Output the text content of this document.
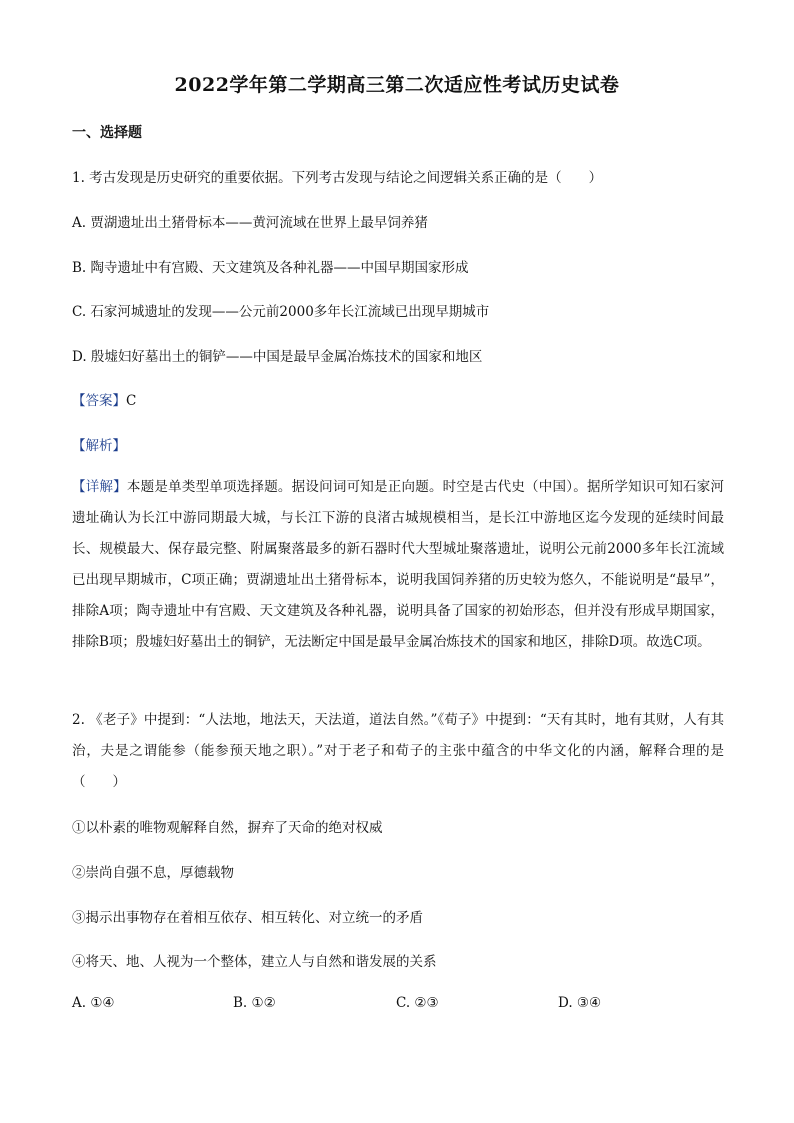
2022学年第二学期高三第二次适应性考试历史试卷
一、选择题
1. 考古发现是历史研究的重要依据。下列考古发现与结论之间逻辑关系正确的是（　　）
A. 贾湖遗址出土猪骨标本——黄河流域在世界上最早饲养猪
B. 陶寺遗址中有宫殿、天文建筑及各种礼器——中国早期国家形成
C. 石家河城遗址的发现——公元前2000多年长江流域已出现早期城市
D. 殷墟妇好墓出土的铜铲——中国是最早金属冶炼技术的国家和地区
【答案】C
【解析】
【详解】本题是单类型单项选择题。据设问词可知是正向题。时空是古代史（中国）。据所学知识可知石家河遗址确认为长江中游同期最大城，与长江下游的良渚古城规模相当，是长江中游地区迄今发现的延续时间最长、规模最大、保存最完整、附属聚落最多的新石器时代大型城址聚落遗址，说明公元前2000多年长江流域已出现早期城市，C项正确；贾湖遗址出土猪骨标本，说明我国饲养猪的历史较为悠久，不能说明是“最早”，排除A项；陶寺遗址中有宫殿、天文建筑及各种礼器，说明具备了国家的初始形态，但并没有形成早期国家，排除B项；殷墟妇好墓出土的铜铲，无法断定中国是最早金属冶炼技术的国家和地区，排除D项。故选C项。
2. 《老子》中提到：“人法地，地法天，天法道，道法自然。”《荀子》中提到：“天有其时，地有其财，人有其治，夫是之谓能参（能参预天地之职）。”对于老子和荀子的主张中蕴含的中华文化的内涵，解释合理的是（　　）
①以朴素的唯物观解释自然，摒弃了天命的绝对权威
②崇尚自强不息，厚德载物
③揭示出事物存在着相互依存、相互转化、对立统一的矛盾
④将天、地、人视为一个整体，建立人与自然和谐发展的关系
A. ①④	B. ①②	C. ②③	D. ③④
